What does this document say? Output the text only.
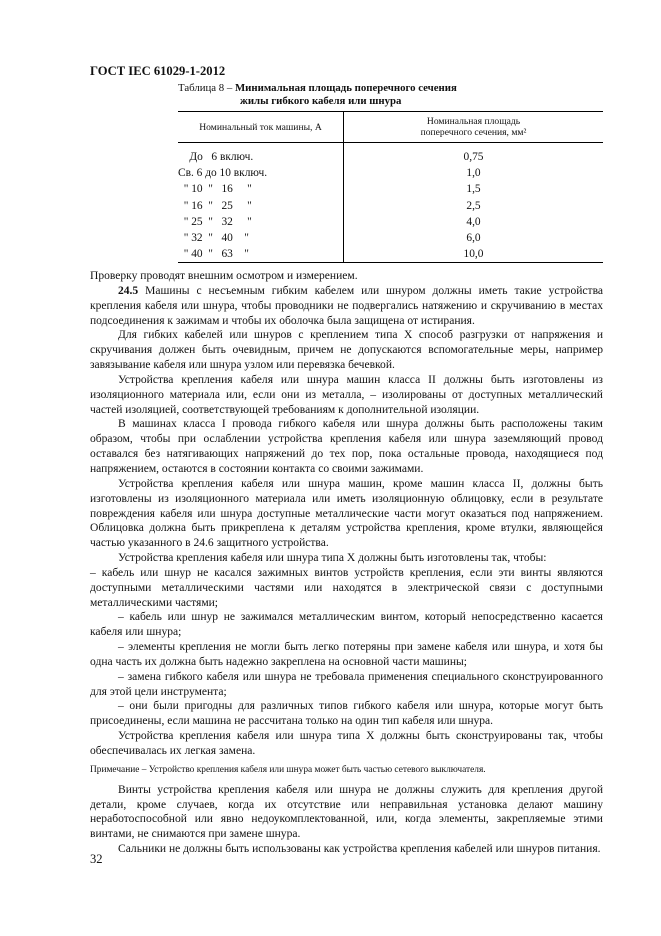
ГОСТ IEC 61029-1-2012
Таблица 8 – Минимальная площадь поперечного сечения
жилы гибкого кабеля или шнура
Номинальный ток машины, А	Номинальная площадь
поперечного сечения, мм²
До   6 включ.	0,75
Св. 6 до 10 включ.	1,0
" 10  "   16     "	1,5
" 16  "   25     "	2,5
" 25  "   32     "	4,0
" 32  "   40    "	6,0
" 40  "   63    "	10,0

Проверку проводят внешним осмотром и измерением.

24.5 Машины с несъемным гибким кабелем или шнуром должны иметь такие устройства крепления кабеля или шнура, чтобы проводники не подвергались натяжению и скручиванию в местах подсоединения к зажимам и чтобы их оболочка была защищена от истирания.

Для гибких кабелей или шнуров с креплением типа X способ разгрузки от напряжения и скручивания должен быть очевидным, причем не допускаются вспомогательные меры, например завязывание кабеля или шнура узлом или перевязка бечевкой.

Устройства крепления кабеля или шнура машин класса II должны быть изготовлены из изоляционного материала или, если они из металла, – изолированы от доступных металлический частей изоляцией, соответствующей требованиям к дополнительной изоляции.

В машинах класса I провода гибкого кабеля или шнура должны быть расположены таким образом, чтобы при ослаблении устройства крепления кабеля или шнура заземляющий провод оставался без натягивающих напряжений до тех пор, пока остальные провода, находящиеся под напряжением, остаются в состоянии контакта со своими зажимами.

Устройства крепления кабеля или шнура машин, кроме машин класса II, должны быть изготовлены из изоляционного материала или иметь изоляционную облицовку, если в результате повреждения кабеля или шнура доступные металлические части могут оказаться под напряжением. Облицовка должна быть прикреплена к деталям устройства крепления, кроме втулки, являющейся частью указанного в 24.6 защитного устройства.

Устройства крепления кабеля или шнура типа X должны быть изготовлены так, чтобы:

– кабель или шнур не касался зажимных винтов устройств крепления, если эти винты являются доступными металлическими частями или находятся в электрической связи с доступными металлическими частями;

– кабель или шнур не зажимался металлическим винтом, который непосредственно касается кабеля или шнура;

– элементы крепления не могли быть легко потеряны при замене кабеля или шнура, и хотя бы одна часть их должна быть надежно закреплена на основной части машины;

– замена гибкого кабеля или шнура не требовала применения специального сконструированного для этой цели инструмента;

– они были пригодны для различных типов гибкого кабеля или шнура, которые могут быть присоединены, если машина не рассчитана только на один тип кабеля или шнура.

Устройства крепления кабеля или шнура типа X должны быть сконструированы так, чтобы обеспечивалась их легкая замена.

Примечание – Устройство крепления кабеля или шнура может быть частью сетевого выключателя.

Винты устройства крепления кабеля или шнура не должны служить для крепления другой детали, кроме случаев, когда их отсутствие или неправильная установка делают машину неработоспособной или явно недоукомплектованной, или, когда элементы, закрепляемые этими винтами, не снимаются при замене шнура.

Сальники не должны быть использованы как устройства крепления кабелей или шнуров питания.

32
